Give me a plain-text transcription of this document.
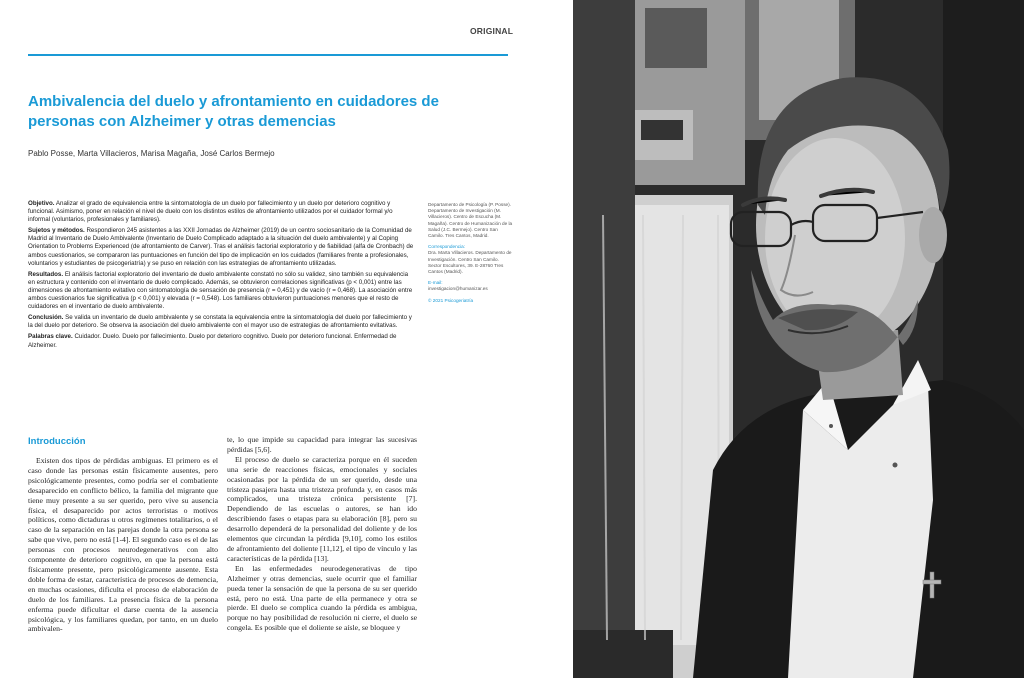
ORIGINAL
Ambivalencia del duelo y afrontamiento en cuidadores de personas con Alzheimer y otras demencias
Pablo Posse, Marta Villacieros, Marisa Magaña, José Carlos Bermejo

Objetivo. Analizar el grado de equivalencia entre la sintomatología de un duelo por fallecimiento y un duelo por deterioro cognitivo y funcional. Asimismo, poner en relación el nivel de duelo con los distintos estilos de afrontamiento utilizados por el cuidador formal y/o informal (voluntarios, profesionales y familiares).

Sujetos y métodos. Respondieron 245 asistentes a las XXII Jornadas de Alzheimer (2019) de un centro sociosanitario de la Comunidad de Madrid al Inventario de Duelo Ambivalente (Inventario de Duelo Complicado adaptado a la situación del duelo ambivalente) y al Coping Orientation to Problems Experienced (de afrontamiento de Carver). Tras el análisis factorial exploratorio y de fiabilidad (alfa de Cronbach) de ambos cuestionarios, se compararon las puntuaciones en función del tipo de implicación en los cuidados (familiares frente a profesionales, voluntarios y estudiantes de psicogeriatría) y se puso en relación con las estrategias de afrontamiento utilizadas.

Resultados. El análisis factorial exploratorio del inventario de duelo ambivalente constató no sólo su validez, sino también su equivalencia en estructura y contenido con el inventario de duelo complicado. Además, se obtuvieron correlaciones significativas (p < 0,001) entre las dimensiones de afrontamiento evitativo con sintomatología de sensación de presencia (r = 0,451) y de vacío (r = 0,468). La asociación entre ambos cuestionarios fue significativa (p < 0,001) y elevada (r = 0,548). Los familiares obtuvieron puntuaciones menores que el resto de cuidadores en el inventario de duelo ambivalente.

Conclusión. Se valida un inventario de duelo ambivalente y se constata la equivalencia entre la sintomatología del duelo por fallecimiento y la del duelo por deterioro. Se observa la asociación del duelo ambivalente con el mayor uso de estrategias de afrontamiento evitativas.

Palabras clave. Cuidador. Duelo. Duelo por fallecimiento. Duelo por deterioro cognitivo. Duelo por deterioro funcional. Enfermedad de Alzheimer.

Departamento de Psicología (P. Posse). Departamento de Investigación (M. Villacieros). Centro de Escucha (M. Magaña). Centro de Humanización de la Salud (J.C. Bermejo). Centro San Camilo. Tres Cantos, Madrid.

Correspondencia:
Dra. Marta Villacieros. Departamento de Investigación. Centro San Camilo. Sector Escultores, 39. E-28760 Tres Cantos (Madrid).

E-mail:
investigacion@humanizar.es

© 2021 Psicogeriatría

Introducción

Existen dos tipos de pérdidas ambiguas. El primero es el caso donde las personas están físicamente ausentes, pero psicológicamente presentes, como podría ser el combatiente desaparecido en conflicto bélico, la familia del migrante que tiene muy presente a su ser querido, pero vive su ausencia física, el desaparecido por actos terroristas o motivos políticos, como dictaduras u otros regímenes totalitarios, o el caso de la separación en las parejas donde la otra persona se sabe que vive, pero no está [1-4]. El segundo caso es el de las personas con procesos neurodegenerativos con alto componente de deterioro cognitivo, en que la persona está físicamente presente, pero psicológicamente ausente. Esta doble forma de estar, característica de procesos de demencia, en muchas ocasiones, dificulta el proceso de elaboración de duelo de los familiares. La presencia física de la persona enferma puede dificultar el darse cuenta de la ausencia psicológica, y los familiares quedan, por tanto, en un duelo ambivalen-

te, lo que impide su capacidad para integrar las sucesivas pérdidas [5,6].

El proceso de duelo se caracteriza porque en él suceden una serie de reacciones físicas, emocionales y sociales ocasionadas por la pérdida de un ser querido, desde una tristeza pasajera hasta una tristeza profunda y, en casos más complicados, una tristeza crónica persistente [7]. Dependiendo de las escuelas o autores, se han ido describiendo fases o etapas para su elaboración [8], pero su desarrollo dependerá de la personalidad del doliente y de los elementos que circundan la pérdida [9,10], como los estilos de afrontamiento del doliente [11,12], el tipo de vínculo y las características de la pérdida [13].

En las enfermedades neurodegenerativas de tipo Alzheimer y otras demencias, suele ocurrir que el familiar pueda tener la sensación de que la persona de su ser querido está, pero no está. Una parte de ella permanece y otra se pierde. El duelo se complica cuando la pérdida es ambigua, porque no hay posibilidad de resolución ni cierre, el duelo se congela. Es posible que el doliente se aísle, se bloquee y
